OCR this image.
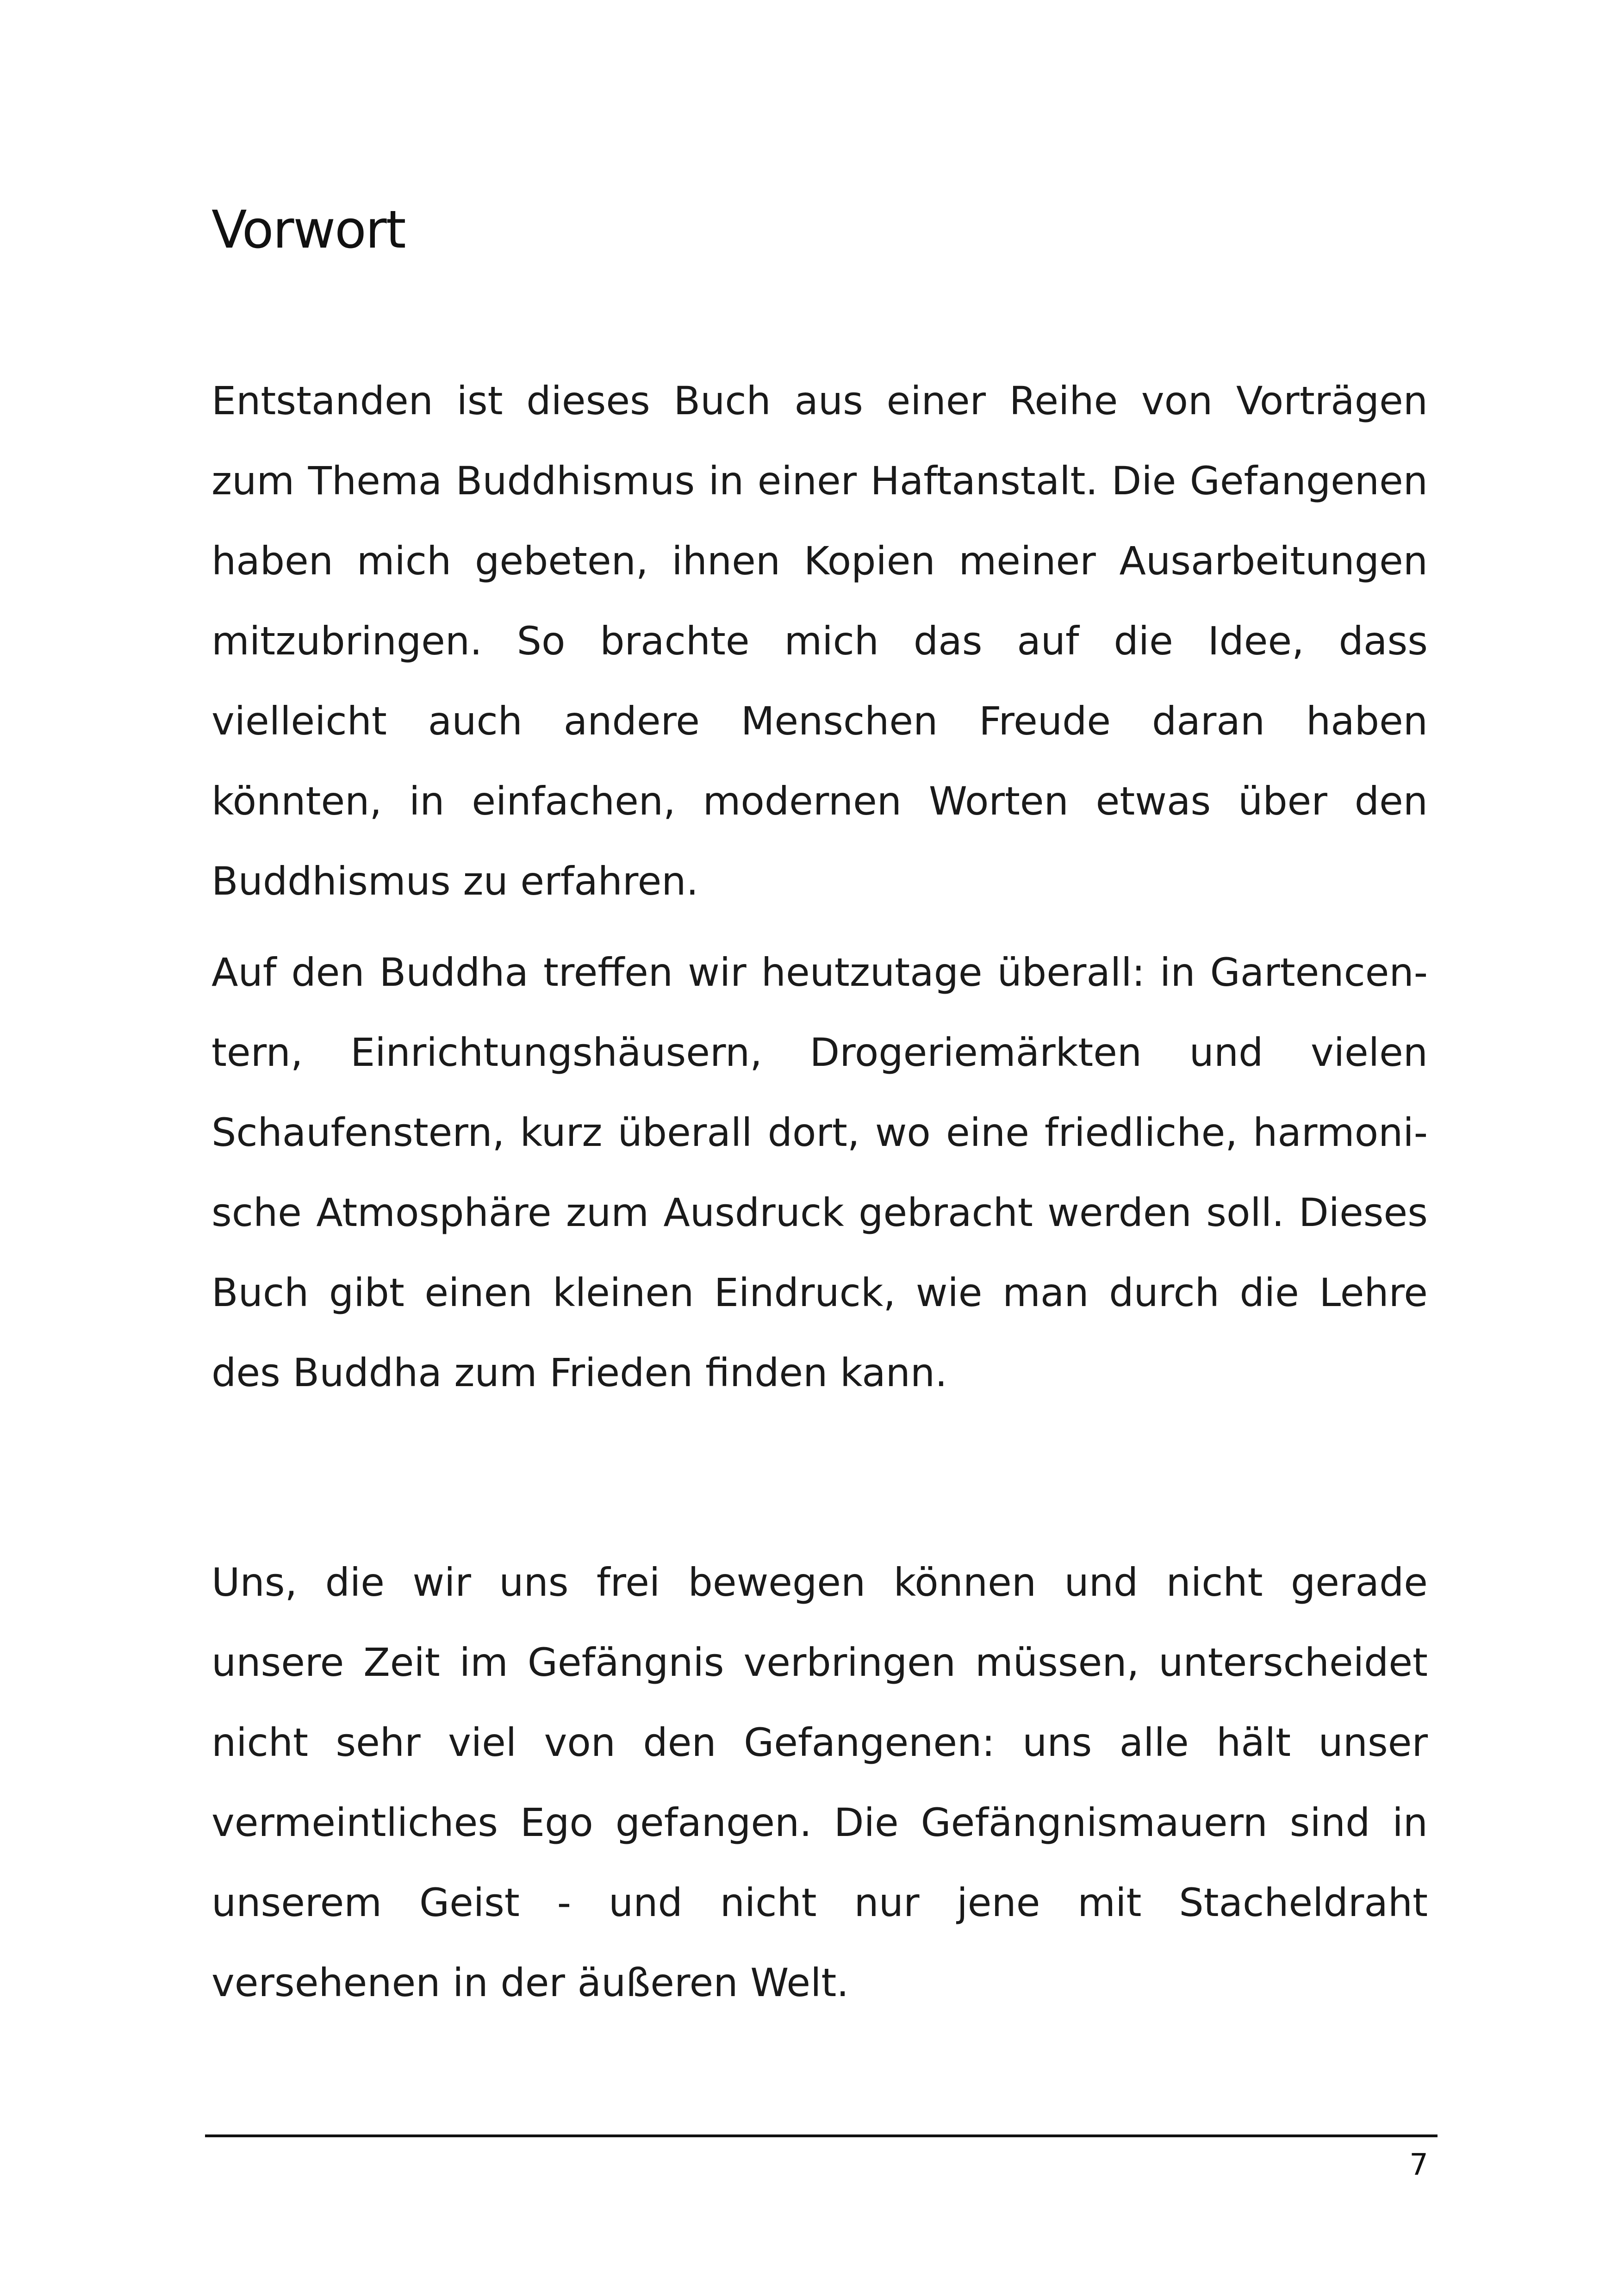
Vorwort

Entstanden ist dieses Buch aus einer Reihe von Vorträgen zum Thema Buddhismus in einer Haftanstalt. Die Gefangenen haben mich gebeten, ihnen Kopien meiner Ausarbeitungen mitzubringen. So brachte mich das auf die Idee, dass vielleicht auch andere Menschen Freude daran haben könnten, in einfachen, modernen Worten etwas über den Buddhismus zu erfahren.

Auf den Buddha treffen wir heutzutage überall: in Gartencentern, Einrichtungshäusern, Drogeriemärkten und vielen Schaufenstern, kurz überall dort, wo eine friedliche, harmonische Atmosphäre zum Ausdruck gebracht werden soll. Dieses Buch gibt einen kleinen Eindruck, wie man durch die Lehre des Buddha zum Frieden finden kann.

Uns, die wir uns frei bewegen können und nicht gerade unsere Zeit im Gefängnis verbringen müssen, unterscheidet nicht sehr viel von den Gefangenen: uns alle hält unser vermeintliches Ego gefangen. Die Gefängnismauern sind in unserem Geist - und nicht nur jene mit Stacheldraht versehenen in der äußeren Welt.

7
